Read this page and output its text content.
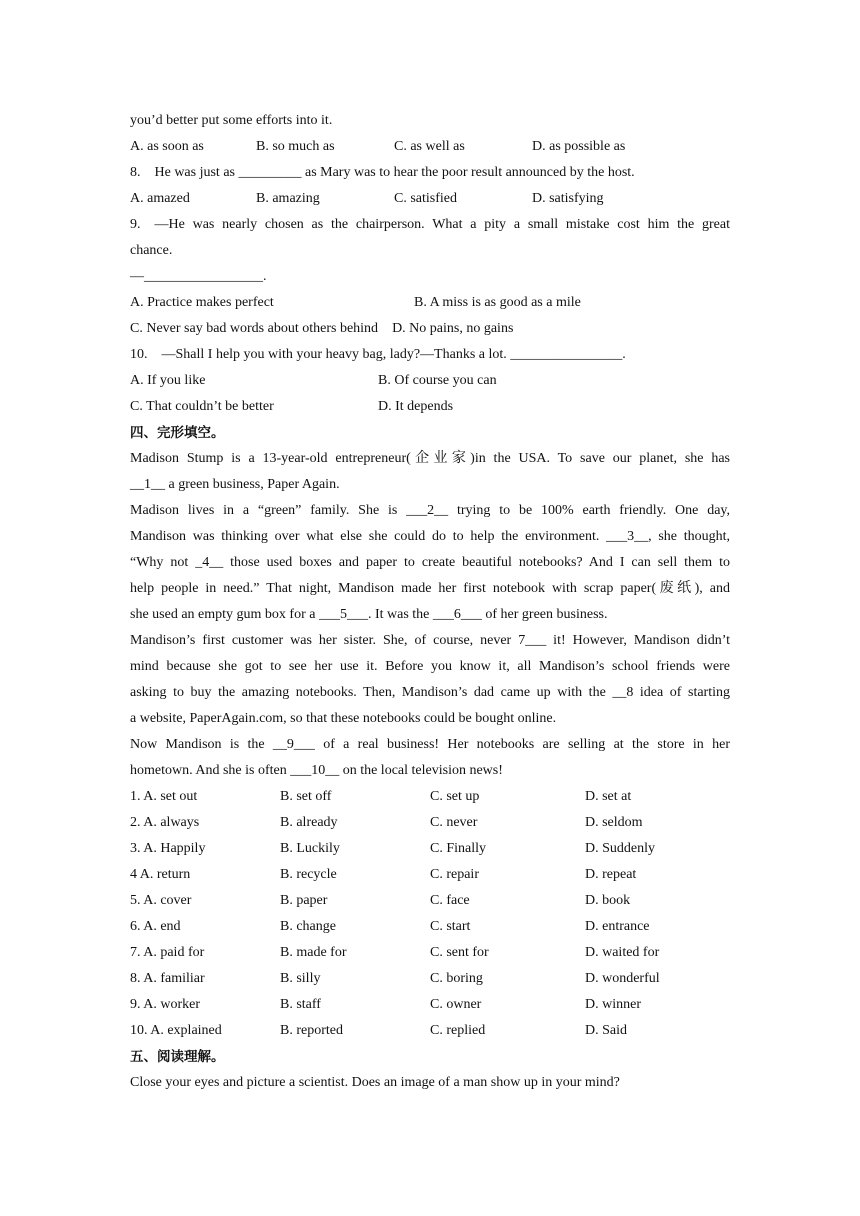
you’d better put some efforts into it.
A. as soon as	B. so much as	C. as well as	D. as possible as
8. He was just as _________ as Mary was to hear the poor result announced by the host.
A. amazed	B. amazing	C. satisfied	D. satisfying
9. —He was nearly chosen as the chairperson. What a pity a small mistake cost him the great
chance.
—_________________.
A. Practice makes perfect	B. A miss is as good as a mile
C. Never say bad words about others behind D. No pains, no gains
10. —Shall I help you with your heavy bag, lady?—Thanks a lot. ________________.
A. If you like	B. Of course you can
C. That couldn’t be better	D. It depends
四、完形填空。
Madison Stump is a 13-year-old entrepreneur(企业家)in the USA. To save our planet, she has
__1__ a green business, Paper Again.
Madison lives in a “green” family. She is ___2__ trying to be 100% earth friendly. One day,
Mandison was thinking over what else she could do to help the environment. ___3__, she thought,
“Why not _4__ those used boxes and paper to create beautiful notebooks? And I can sell them to
help people in need.” That night, Mandison made her first notebook with scrap paper(废纸), and
she used an empty gum box for a ___5___. It was the ___6___ of her green business.
Mandison’s first customer was her sister. She, of course, never 7___ it! However, Mandison didn’t
mind because she got to see her use it. Before you know it, all Mandison’s school friends were
asking to buy the amazing notebooks. Then, Mandison’s dad came up with the __8 idea of starting
a website, PaperAgain.com, so that these notebooks could be bought online.
Now Mandison is the __9___ of a real business! Her notebooks are selling at the store in her
hometown. And she is often ___10__ on the local television news!
1. A. set out	B. set off	C. set up	D. set at
2. A. always	B. already	C. never	D. seldom
3. A. Happily	B. Luckily	C. Finally	D. Suddenly
4 A. return	B. recycle	C. repair	D. repeat
5. A. cover	B. paper	C. face	D. book
6. A. end	B. change	C. start	D. entrance
7. A. paid for	B. made for	C. sent for	D. waited for
8. A. familiar	B. silly	C. boring	D. wonderful
9. A. worker	B. staff	C. owner	D. winner
10. A. explained	B. reported	C. replied	D. Said
五、阅读理解。
Close your eyes and picture a scientist. Does an image of a man show up in your mind?
